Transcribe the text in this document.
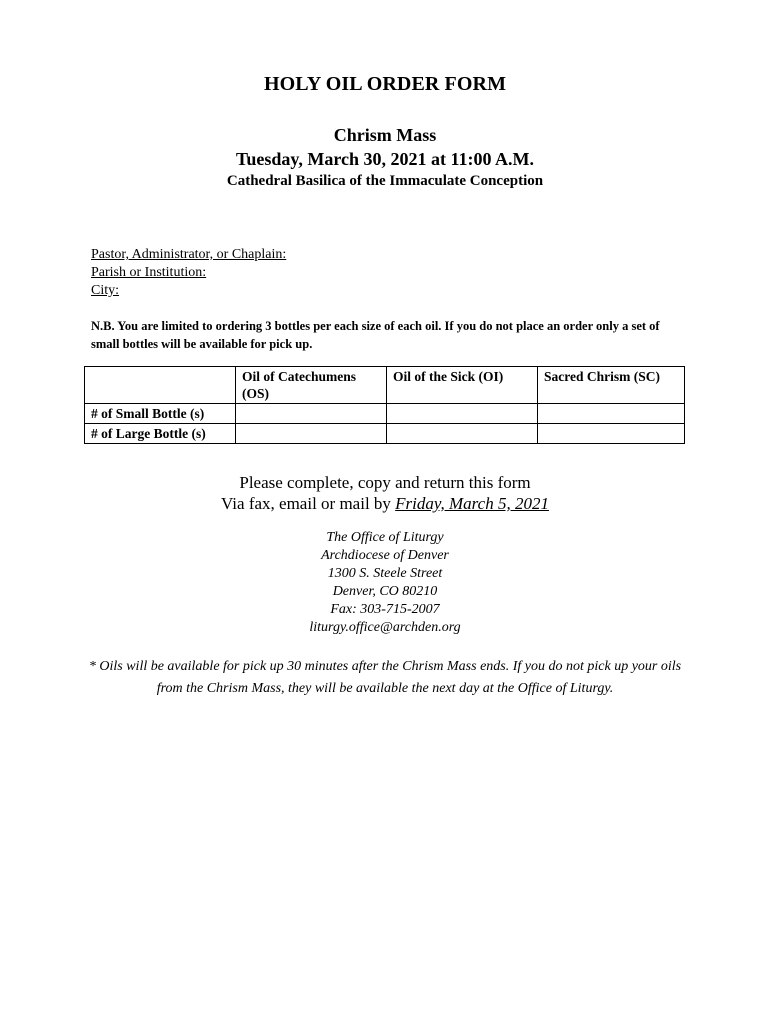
HOLY OIL ORDER FORM
Chrism Mass
Tuesday, March 30, 2021 at 11:00 A.M.
Cathedral Basilica of the Immaculate Conception
Pastor, Administrator, or Chaplain:
Parish or Institution:
City:
N.B. You are limited to ordering 3 bottles per each size of each oil. If you do not place an order only a set of small bottles will be available for pick up.
	Oil of Catechumens (OS)	Oil of the Sick (OI)	Sacred Chrism (SC)
# of Small Bottle (s)			
# of Large Bottle (s)			
Please complete, copy and return this form
Via fax, email or mail by Friday, March 5, 2021
The Office of Liturgy
Archdiocese of Denver
1300 S. Steele Street
Denver, CO 80210
Fax: 303-715-2007
liturgy.office@archden.org
* Oils will be available for pick up 30 minutes after the Chrism Mass ends. If you do not pick up your oils from the Chrism Mass, they will be available the next day at the Office of Liturgy.
